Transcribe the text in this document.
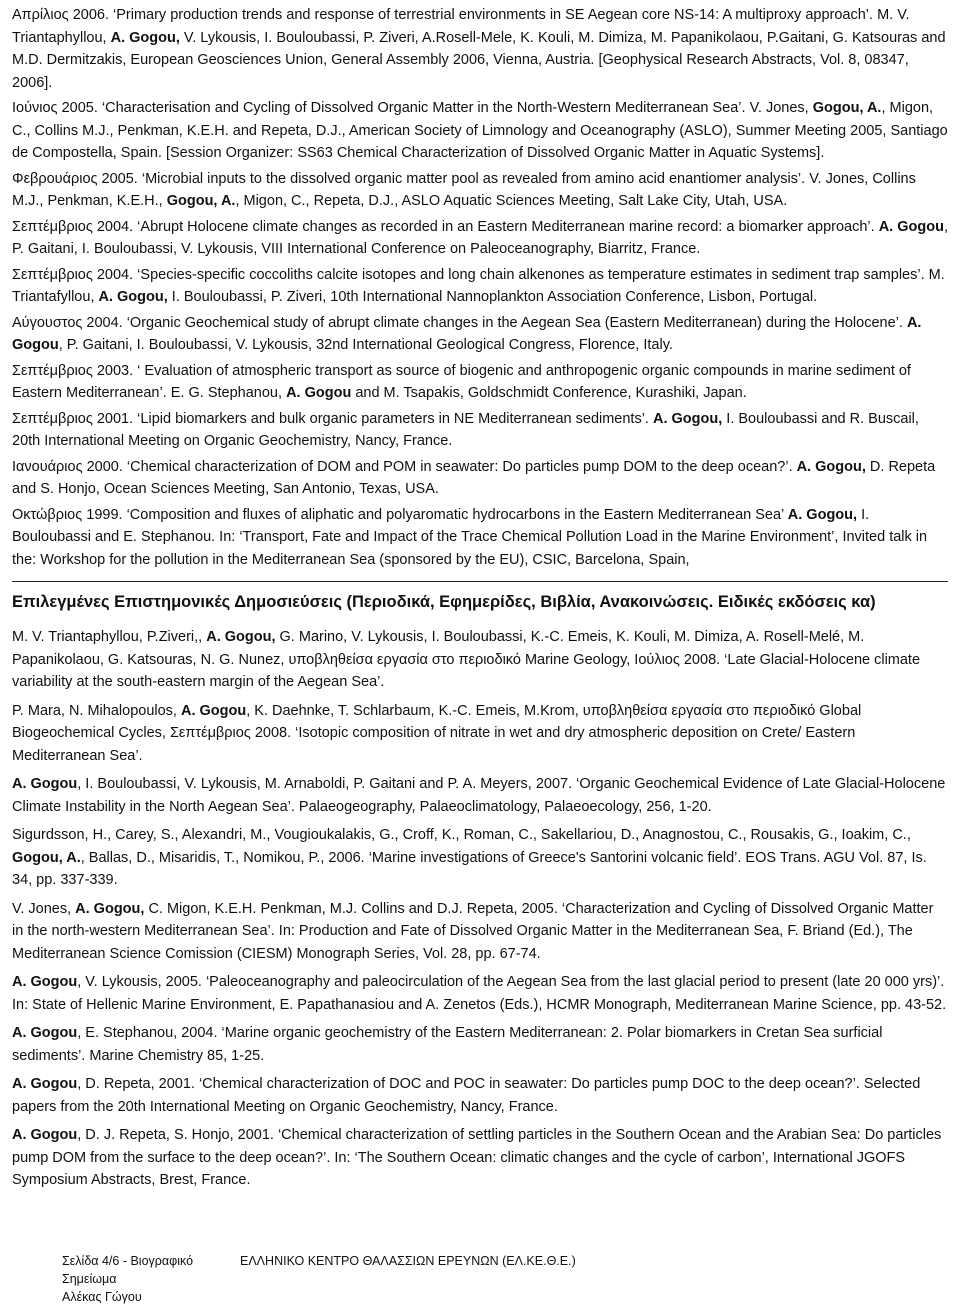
Απρίλιος 2006. ‘Primary production trends and response of terrestrial environments in SE Aegean core NS-14: A multiproxy approach’. M. V. Triantaphyllou, A. Gogou, V. Lykousis, I. Bouloubassi, P. Ziveri, A.Rosell-Mele, K. Kouli, M. Dimiza, M. Papanikolaou, P.Gaitani, G. Katsouras and M.D. Dermitzakis, European Geosciences Union, General Assembly 2006, Vienna, Austria. [Geophysical Research Abstracts, Vol. 8, 08347, 2006].

Ιούνιος 2005. ‘Characterisation and Cycling of Dissolved Organic Matter in the North-Western Mediterranean Sea’. V. Jones, Gogou, A., Migon, C., Collins M.J., Penkman, K.E.H. and Repeta, D.J., American Society of Limnology and Oceanography (ASLO), Summer Meeting 2005, Santiago de Compostella, Spain. [Session Organizer: SS63 Chemical Characterization of Dissolved Organic Matter in Aquatic Systems].

Φεβρουάριος 2005. ‘Microbial inputs to the dissolved organic matter pool as revealed from amino acid enantiomer analysis’. V. Jones, Collins M.J., Penkman, K.E.H., Gogou, A., Migon, C., Repeta, D.J., ASLO Aquatic Sciences Meeting, Salt Lake City, Utah, USA.

Σεπτέμβριος 2004. ‘Abrupt Holocene climate changes as recorded in an Eastern Mediterranean marine record: a biomarker approach’. A. Gogou, P. Gaitani, I. Bouloubassi, V. Lykousis, VIII International Conference on Paleoceanography, Biarritz, France.

Σεπτέμβριος 2004. ‘Species-specific coccoliths calcite isotopes and long chain alkenones as temperature estimates in sediment trap samples’. M. Triantafyllou, A. Gogou, I. Bouloubassi, P. Ziveri, 10th International Nannoplankton Association Conference, Lisbon, Portugal.

Αύγουστος 2004. ‘Organic Geochemical study of abrupt climate changes in the Aegean Sea (Eastern Mediterranean) during the Holocene’. A. Gogou, P. Gaitani, I. Bouloubassi, V. Lykousis, 32nd International Geological Congress, Florence, Italy.

Σεπτέμβριος 2003. ‘ Evaluation of atmospheric transport as source of biogenic and anthropogenic organic compounds in marine sediment of Eastern Mediterranean’. E. G. Stephanou, A. Gogou and M. Tsapakis, Goldschmidt Conference, Kurashiki, Japan.

Σεπτέμβριος 2001. ‘Lipid biomarkers and bulk organic parameters in NE Mediterranean sediments’. A. Gogou, I. Bouloubassi and R. Buscail, 20th International Meeting on Organic Geochemistry, Nancy, France.

Ιανουάριος 2000. ‘Chemical characterization of DOM and POM in seawater: Do particles pump DOM to the deep ocean?’. A. Gogou, D. Repeta and S. Honjo, Ocean Sciences Meeting, San Antonio, Texas, USA.

Οκτώβριος 1999. ‘Composition and fluxes of aliphatic and polyaromatic hydrocarbons in the Eastern Mediterranean Sea’ A. Gogou, I. Bouloubassi and E. Stephanou. In: ‘Transport, Fate and Impact of the Trace Chemical Pollution Load in the Marine Environment’, Invited talk in the: Workshop for the pollution in the Mediterranean Sea (sponsored by the EU), CSIC, Barcelona, Spain,

Επιλεγμένες Επιστημονικές Δημοσιεύσεις (Περιοδικά, Εφημερίδες, Βιβλία, Ανακοινώσεις. Ειδικές εκδόσεις κα)

M. V. Triantaphyllou, P.Ziveri,, A. Gogou, G. Marino, V. Lykousis, I. Bouloubassi, K.-C. Emeis, K. Kouli, M. Dimiza, A. Rosell-Melé, M. Papanikolaou, G. Katsouras, N. G. Nunez, υποβληθείσα εργασία στο περιοδικό Marine Geology, Ιούλιος 2008. ‘Late Glacial-Holocene climate variability at the south-eastern margin of the Aegean Sea’.

P. Mara, N. Mihalopoulos, A. Gogou, K. Daehnke, T. Schlarbaum, K.-C. Emeis, M.Krom, υποβληθείσα εργασία στο περιοδικό Global Biogeochemical Cycles, Σεπτέμβριος 2008. ‘Isotopic composition of nitrate in wet and dry atmospheric deposition on Crete/ Eastern Mediterranean Sea’.

A. Gogou, I. Bouloubassi, V. Lykousis, M. Arnaboldi, P. Gaitani and P. A. Meyers, 2007. ‘Organic Geochemical Evidence of Late Glacial-Holocene Climate Instability in the North Aegean Sea’. Palaeogeography, Palaeoclimatology, Palaeoecology, 256, 1-20.

Sigurdsson, H., Carey, S., Alexandri, M., Vougioukalakis, G., Croff, K., Roman, C., Sakellariou, D., Anagnostou, C., Rousakis, G., Ioakim, C., Gogou, A., Ballas, D., Misaridis, T., Nomikou, P., 2006. ‘Marine investigations of Greece's Santorini volcanic field’. EOS Trans. AGU Vol. 87, Is. 34, pp. 337-339.

V. Jones, A. Gogou, C. Migon, K.E.H. Penkman, M.J. Collins and D.J. Repeta, 2005. ‘Characterization and Cycling of Dissolved Organic Matter in the north-western Mediterranean Sea’. In: Production and Fate of Dissolved Organic Matter in the Mediterranean Sea, F. Briand (Ed.), The Mediterranean Science Comission (CIESM) Monograph Series, Vol. 28, pp. 67-74.

A. Gogou, V. Lykousis, 2005. ‘Paleoceanography and paleocirculation of the Aegean Sea from the last glacial period to present (late 20 000 yrs)’. In: State of Hellenic Marine Environment, E. Papathanasiou and A. Zenetos (Eds.), HCMR Monograph, Mediterranean Marine Science, pp. 43-52.

A. Gogou, E. Stephanou, 2004. ‘Marine organic geochemistry of the Eastern Mediterranean: 2. Polar biomarkers in Cretan Sea surficial sediments’. Marine Chemistry 85, 1-25.

A. Gogou, D. Repeta, 2001. ‘Chemical characterization of DOC and POC in seawater: Do particles pump DOC to the deep ocean?’. Selected papers from the 20th International Meeting on Organic Geochemistry, Nancy, France.

A. Gogou, D. J. Repeta, S. Honjo, 2001. ‘Chemical characterization of settling particles in the Southern Ocean and the Arabian Sea: Do particles pump DOM from the surface to the deep ocean?’. In: ‘The Southern Ocean: climatic changes and the cycle of carbon’, International JGOFS Symposium Abstracts, Brest, France.

Σελίδα 4/6 - Βιογραφικό
Σημείωμα
Αλέκας Γώγου
ΕΛΛΗΝΙΚΟ ΚΕΝΤΡΟ ΘΑΛΑΣΣΙΩΝ ΕΡΕΥΝΩΝ (ΕΛ.ΚΕ.Θ.Ε.)
